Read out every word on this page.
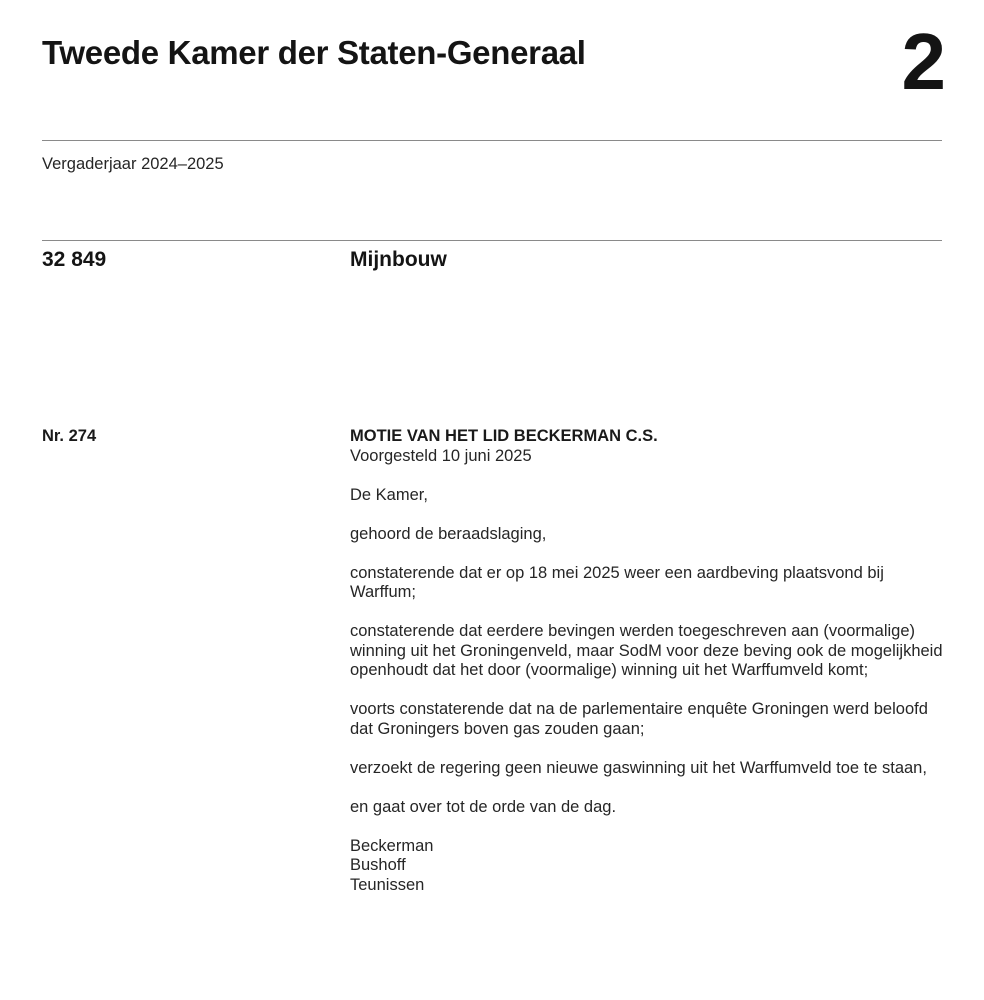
Tweede Kamer der Staten-Generaal	2
Vergaderjaar 2024–2025
32 849	Mijnbouw
Nr. 274	MOTIE VAN HET LID BECKERMAN C.S.
Voorgesteld 10 juni 2025

De Kamer,

gehoord de beraadslaging,

constaterende dat er op 18 mei 2025 weer een aardbeving plaatsvond bij Warffum;

constaterende dat eerdere bevingen werden toegeschreven aan (voormalige) winning uit het Groningenveld, maar SodM voor deze beving ook de mogelijkheid openhoudt dat het door (voormalige) winning uit het Warffumveld komt;

voorts constaterende dat na de parlementaire enquête Groningen werd beloofd dat Groningers boven gas zouden gaan;

verzoekt de regering geen nieuwe gaswinning uit het Warffumveld toe te staan,

en gaat over tot de orde van de dag.

Beckerman
Bushoff
Teunissen
